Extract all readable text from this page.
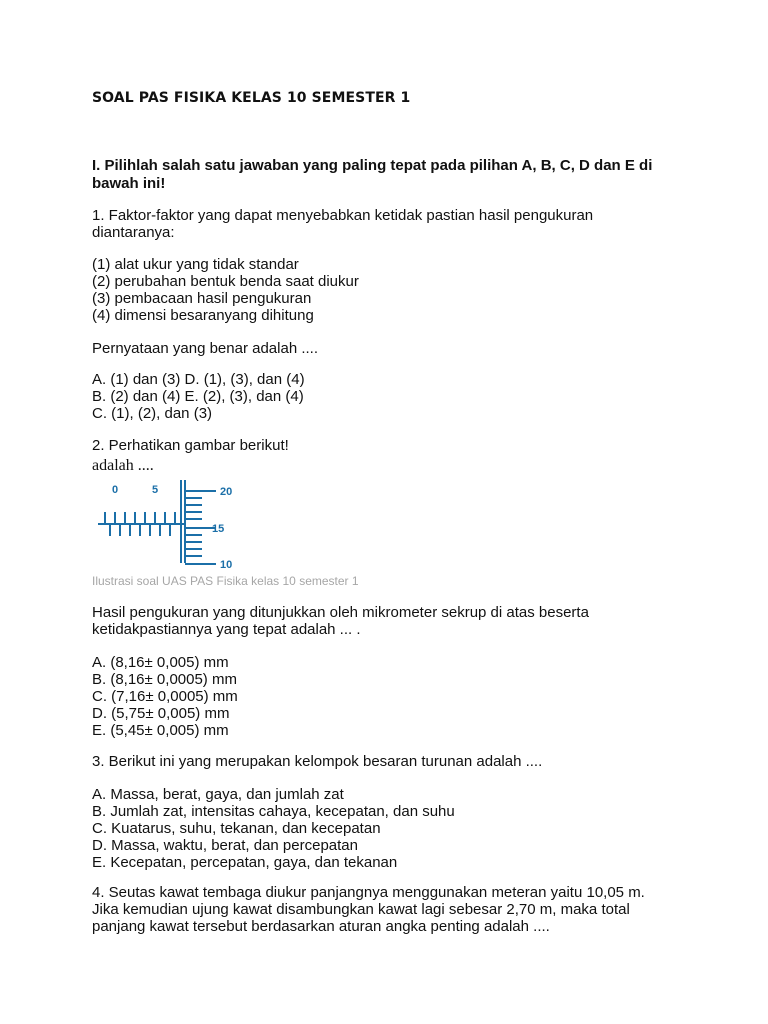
SOAL PAS FISIKA KELAS 10 SEMESTER 1
I. Pilihlah salah satu jawaban yang paling tepat pada pilihan A, B, C, D dan E di bawah ini!
1. Faktor-faktor yang dapat menyebabkan ketidak pastian hasil pengukuran
diantaranya:
(1) alat ukur yang tidak standar
(2) perubahan bentuk benda saat diukur
(3) pembacaan hasil pengukuran
(4) dimensi besaranyang dihitung
Pernyataan yang benar adalah ....
A. (1) dan (3) D. (1), (3), dan (4)
B. (2) dan (4) E. (2), (3), dan (4)
C. (1), (2), dan (3)
2. Perhatikan gambar berikut!
adalah ....
0	5	20
15
10
Ilustrasi soal UAS PAS Fisika kelas 10 semester 1
Hasil pengukuran yang ditunjukkan oleh mikrometer sekrup di atas beserta
ketidakpastiannya yang tepat adalah ... .
A. (8,16± 0,005) mm
B. (8,16± 0,0005) mm
C. (7,16± 0,0005) mm
D. (5,75± 0,005) mm
E. (5,45± 0,005) mm
3. Berikut ini yang merupakan kelompok besaran turunan adalah ....
A. Massa, berat, gaya, dan jumlah zat
B. Jumlah zat, intensitas cahaya, kecepatan, dan suhu
C. Kuatarus, suhu, tekanan, dan kecepatan
D. Massa, waktu, berat, dan percepatan
E. Kecepatan, percepatan, gaya, dan tekanan
4. Seutas kawat tembaga diukur panjangnya menggunakan meteran yaitu 10,05 m.
Jika kemudian ujung kawat disambungkan kawat lagi sebesar 2,70 m, maka total
panjang kawat tersebut berdasarkan aturan angka penting adalah ....
